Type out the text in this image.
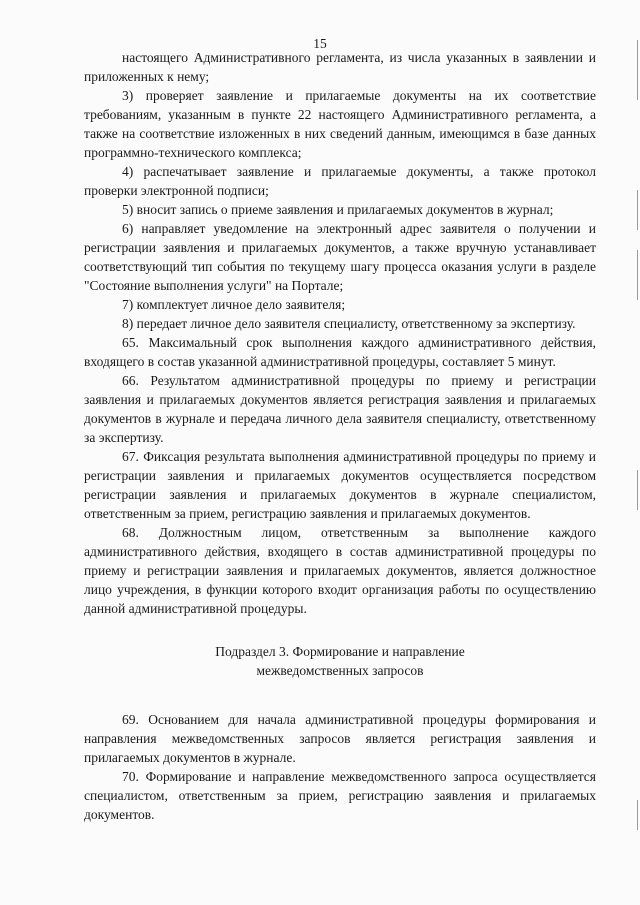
15

настоящего Административного регламента, из числа указанных в заявлении и приложенных к нему;

3) проверяет заявление и прилагаемые документы на их соответствие требованиям, указанным в пункте 22 настоящего Административного регламента, а также на соответствие изложенных в них сведений данным, имеющимся в базе данных программно-технического комплекса;

4) распечатывает заявление и прилагаемые документы, а также протокол проверки электронной подписи;

5) вносит запись о приеме заявления и прилагаемых документов в журнал;

6) направляет уведомление на электронный адрес заявителя о получении и регистрации заявления и прилагаемых документов, а также вручную устанавливает соответствующий тип события по текущему шагу процесса оказания услуги в разделе "Состояние выполнения услуги" на Портале;

7) комплектует личное дело заявителя;

8) передает личное дело заявителя специалисту, ответственному за экспертизу.

65. Максимальный срок выполнения каждого административного действия, входящего в состав указанной административной процедуры, составляет 5 минут.

66. Результатом административной процедуры по приему и регистрации заявления и прилагаемых документов является регистрация заявления и прилагаемых документов в журнале и передача личного дела заявителя специалисту, ответственному за экспертизу.

67. Фиксация результата выполнения административной процедуры по приему и регистрации заявления и прилагаемых документов осуществляется посредством регистрации заявления и прилагаемых документов в журнале специалистом, ответственным за прием, регистрацию заявления и прилагаемых документов.

68. Должностным лицом, ответственным за выполнение каждого административного действия, входящего в состав административной процедуры по приему и регистрации заявления и прилагаемых документов, является должностное лицо учреждения, в функции которого входит организация работы по осуществлению данной административной процедуры.

Подраздел 3. Формирование и направление
межведомственных запросов

69. Основанием для начала административной процедуры формирования и направления межведомственных запросов является регистрация заявления и прилагаемых документов в журнале.

70. Формирование и направление межведомственного запроса осуществляется специалистом, ответственным за прием, регистрацию заявления и прилагаемых документов.
